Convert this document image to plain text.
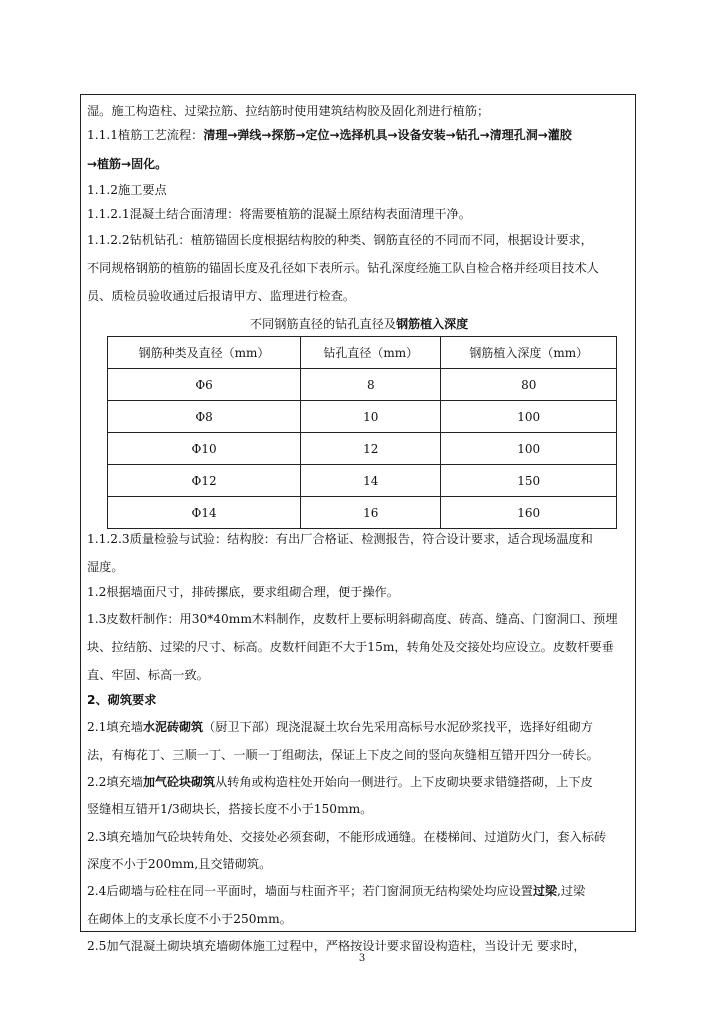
湿。施工构造柱、过梁拉筋、拉结筋时使用建筑结构胶及固化剂进行植筋；
1.1.1植筋工艺流程：清理→弹线→探筋→定位→选择机具→设备安装→钻孔→清理孔洞→灌胶
→植筋→固化。
1.1.2施工要点
1.1.2.1混凝土结合面清理：将需要植筋的混凝土原结构表面清理干净。
1.1.2.2钻机钻孔：植筋锚固长度根据结构胶的种类、钢筋直径的不同而不同，根据设计要求，
不同规格钢筋的植筋的锚固长度及孔径如下表所示。钻孔深度经施工队自检合格并经项目技术人
员、质检员验收通过后报请甲方、监理进行检查。
不同钢筋直径的钻孔直径及钢筋植入深度
钢筋种类及直径（mm）	钻孔直径（mm）	钢筋植入深度（mm）
Φ6	8	80
Φ8	10	100
Φ10	12	100
Φ12	14	150
Φ14	16	160
1.1.2.3质量检验与试验：结构胶：有出厂合格证、检测报告，符合设计要求，适合现场温度和
湿度。
1.2根据墙面尺寸，排砖摞底，要求组砌合理，便于操作。
1.3皮数杆制作：用30*40mm木料制作，皮数杆上要标明斜砌高度、砖高、缝高、门窗洞口、预埋
块、拉结筋、过梁的尺寸、标高。皮数杆间距不大于15m，转角处及交接处均应设立。皮数杆要垂
直、牢固、标高一致。
2、砌筑要求
2.1填充墙水泥砖砌筑（厨卫下部）现浇混凝土坎台先采用高标号水泥砂浆找平，选择好组砌方
法，有梅花丁、三顺一丁、一顺一丁组砌法，保证上下皮之间的竖向灰缝相互错开四分一砖长。
2.2填充墙加气砼块砌筑从转角或构造柱处开始向一侧进行。上下皮砌块要求错缝搭砌，上下皮
竖缝相互错开1/3砌块长，搭接长度不小于150mm。
2.3填充墙加气砼块转角处、交接处必须套砌，不能形成通缝。在楼梯间、过道防火门，套入标砖
深度不小于200mm,且交错砌筑。
2.4后砌墙与砼柱在同一平面时，墙面与柱面齐平；若门窗洞顶无结构梁处均应设置过梁,过梁
在砌体上的支承长度不小于250mm。
2.5加气混凝土砌块填充墙砌体施工过程中，严格按设计要求留设构造柱，当设计无 要求时，
3
